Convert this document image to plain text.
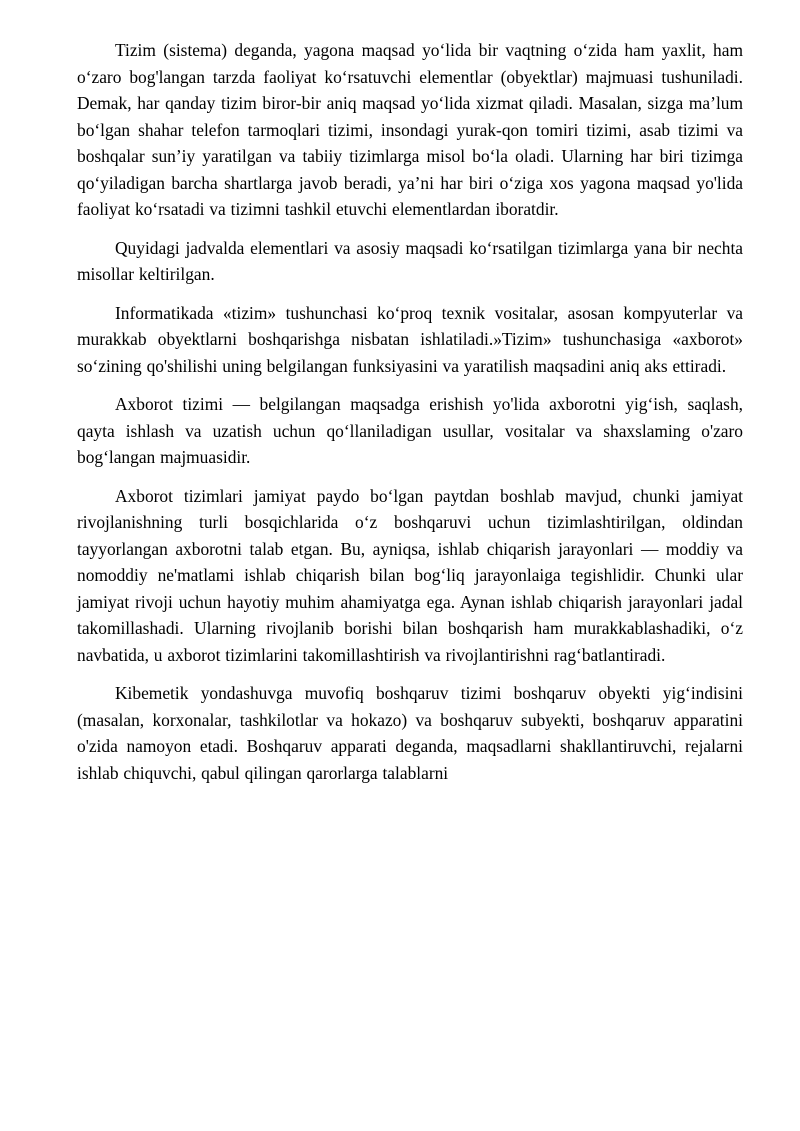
Tizim (sistema) deganda, yagona maqsad yo‘lida bir vaqtning o‘zida ham yaxlit, ham o‘zaro bog'langan tarzda faoliyat ko‘rsatuvchi elementlar (obyektlar) majmuasi tushuniladi. Demak, har qanday tizim biror-bir aniq maqsad yo‘lida xizmat qiladi. Masalan, sizga ma’lum bo‘lgan shahar telefon tarmoqlari tizimi, insondagi yurak-qon tomiri tizimi, asab tizimi va boshqalar sun’iy yaratilgan va tabiiy tizimlarga misol bo‘la oladi. Ularning har biri tizimga qo‘yiladigan barcha shartlarga javob beradi, ya’ni har biri o‘ziga xos yagona maqsad yo'lida faoliyat ko‘rsatadi va tizimni tashkil etuvchi elementlardan iboratdir.

Quyidagi jadvalda elementlari va asosiy maqsadi ko‘rsatilgan tizimlarga yana bir nechta misollar keltirilgan.

Informatikada «tizim» tushunchasi ko‘proq texnik vositalar, asosan kompyuterlar va murakkab obyektlarni boshqarishga nisbatan ishlatiladi.»Tizim» tushunchasiga «axborot» so‘zining qo'shilishi uning belgilangan funksiyasini va yaratilish maqsadini aniq aks ettiradi.

Axborot tizimi — belgilangan maqsadga erishish yo'lida axborotni yig‘ish, saqlash, qayta ishlash va uzatish uchun qo‘llaniladigan usullar, vositalar va shaxslaming o'zaro bog‘langan majmuasidir.

Axborot tizimlari jamiyat paydo bo‘lgan paytdan boshlab mavjud, chunki jamiyat rivojlanishning turli bosqichlarida o‘z boshqaruvi uchun tizimlashtirilgan, oldindan tayyorlangan axborotni talab etgan. Bu, ayniqsa, ishlab chiqarish jarayonlari — moddiy va nomoddiy ne'matlami ishlab chiqarish bilan bog‘liq jarayonlaiga tegishlidir. Chunki ular jamiyat rivoji uchun hayotiy muhim ahamiyatga ega. Aynan ishlab chiqarish jarayonlari jadal takomillashadi. Ularning rivojlanib borishi bilan boshqarish ham murakkablashadiki, o‘z navbatida, u axborot tizimlarini takomillashtirish va rivojlantirishni rag‘batlantiradi.

Kibemetik yondashuvga muvofiq boshqaruv tizimi boshqaruv obyekti yig‘indisini (masalan, korxonalar, tashkilotlar va hokazo) va boshqaruv subyekti, boshqaruv apparatini o'zida namoyon etadi. Boshqaruv apparati deganda, maqsadlarni shakllantiruvchi, rejalarni ishlab chiquvchi, qabul qilingan qarorlarga talablarni
